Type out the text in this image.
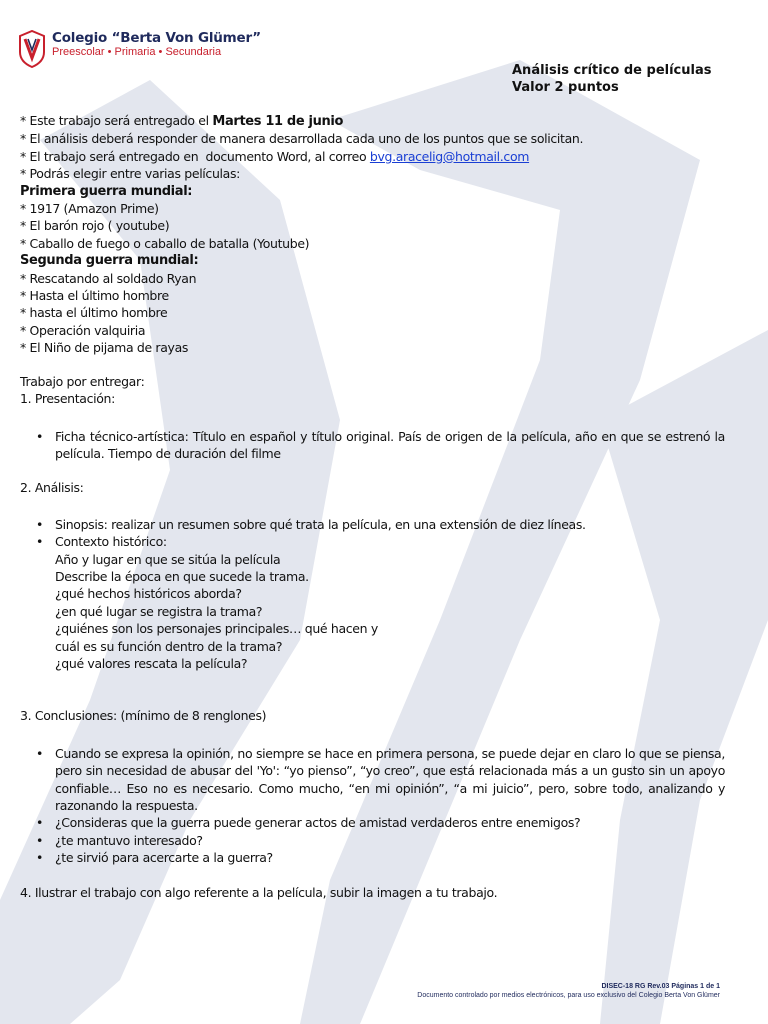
Colegio “Berta Von Glümer”
Preescolar • Primaria • Secundaria
Análisis crítico de películas
Valor 2 puntos
* Este trabajo será entregado el Martes 11 de junio
* El análisis deberá responder de manera desarrollada cada uno de los puntos que se solicitan.
* El trabajo será entregado en  documento Word, al correo bvg.aracelig@hotmail.com
* Podrás elegir entre varias películas:
Primera guerra mundial:
* 1917 (Amazon Prime)
* El barón rojo ( youtube)
* Caballo de fuego o caballo de batalla (Youtube)
Segunda guerra mundial:
* Rescatando al soldado Ryan
* Hasta el último hombre
* hasta el último hombre
* Operación valquiria
* El Niño de pijama de rayas
Trabajo por entregar:
1. Presentación:
• Ficha técnico-artística: Título en español y título original. País de origen de la película, año en que se estrenó la película. Tiempo de duración del filme
2. Análisis:
• Sinopsis: realizar un resumen sobre qué trata la película, en una extensión de diez líneas.
• Contexto histórico:
Año y lugar en que se sitúa la película
Describe la época en que sucede la trama.
¿qué hechos históricos aborda?
¿en qué lugar se registra la trama?
¿quiénes son los personajes principales… qué hacen y
cuál es su función dentro de la trama?
¿qué valores rescata la película?
3. Conclusiones: (mínimo de 8 renglones)
• Cuando se expresa la opinión, no siempre se hace en primera persona, se puede dejar en claro lo que se piensa, pero sin necesidad de abusar del 'Yo': “yo pienso”, “yo creo”, que está relacionada más a un gusto sin un apoyo confiable… Eso no es necesario. Como mucho, “en mi opinión”, “a mi juicio”, pero, sobre todo, analizando y razonando la respuesta.
• ¿Consideras que la guerra puede generar actos de amistad verdaderos entre enemigos?
• ¿te mantuvo interesado?
• ¿te sirvió para acercarte a la guerra?
4. Ilustrar el trabajo con algo referente a la película, subir la imagen a tu trabajo.
DISEC-18 RG Rev.03 Páginas 1 de 1
Documento controlado por medios electrónicos, para uso exclusivo del Colegio Berta Von Glümer
